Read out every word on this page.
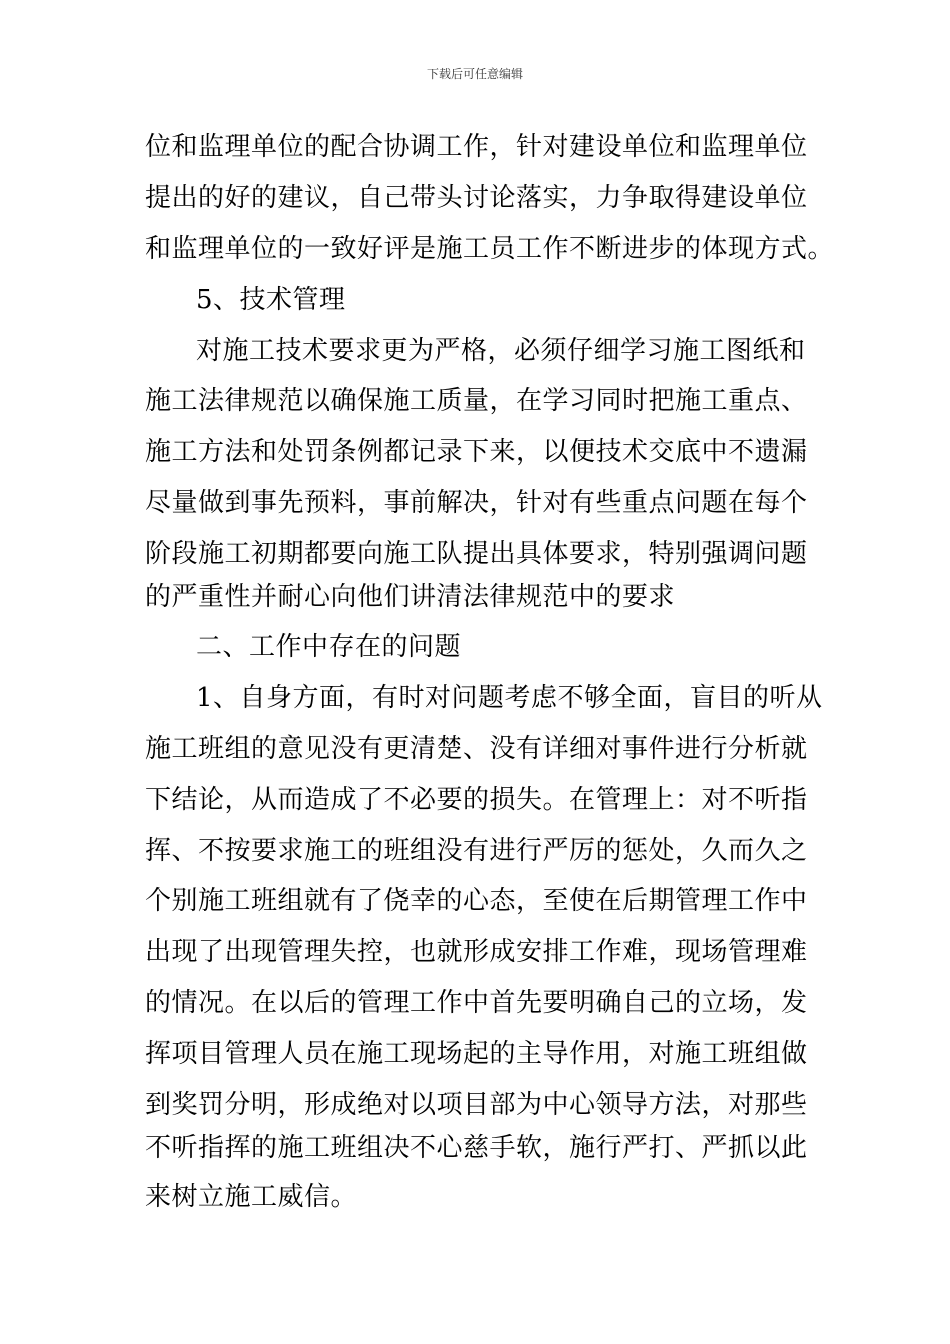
下载后可任意编辑
位和监理单位的配合协调工作，针对建设单位和监理单位
提出的好的建议，自己带头讨论落实，力争取得建设单位
和监理单位的一致好评是施工员工作不断进步的体现方式。
5、技术管理
对施工技术要求更为严格，必须仔细学习施工图纸和
施工法律规范以确保施工质量，在学习同时把施工重点、
施工方法和处罚条例都记录下来，以便技术交底中不遗漏
尽量做到事先预料，事前解决，针对有些重点问题在每个
阶段施工初期都要向施工队提出具体要求，特别强调问题
的严重性并耐心向他们讲清法律规范中的要求
二、工作中存在的问题
1、自身方面，有时对问题考虑不够全面，盲目的听从
施工班组的意见没有更清楚、没有详细对事件进行分析就
下结论，从而造成了不必要的损失。在管理上：对不听指
挥、不按要求施工的班组没有进行严厉的惩处，久而久之
个别施工班组就有了侥幸的心态，至使在后期管理工作中
出现了出现管理失控，也就形成安排工作难，现场管理难
的情况。在以后的管理工作中首先要明确自己的立场，发
挥项目管理人员在施工现场起的主导作用，对施工班组做
到奖罚分明，形成绝对以项目部为中心领导方法，对那些
不听指挥的施工班组决不心慈手软，施行严打、严抓以此
来树立施工威信。
